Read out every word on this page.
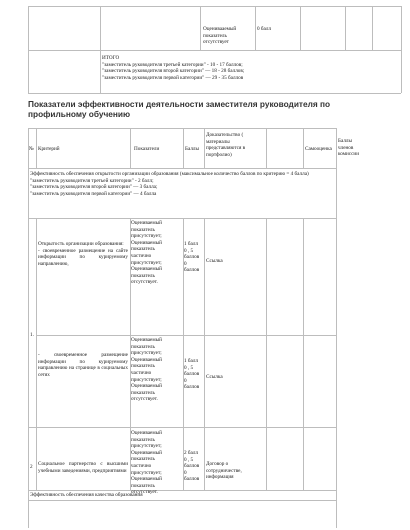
Оценивааемый
показатель
отсутствует
0 балл
ИТОГО
"заместитель руководителя третьей категории" - 10 - 17 баллов;
"заместитель руководителя второй категории" — 18 - 28 баллов;
"заместитель руководителя первой категории" — 29 - 35 баллов
Показатели эффективности деятельности заместителя руководителя по профильному обучению
№ Критерий	Показатели	Баллы
Доказательство (
материалы
представляются в
портфолио)
Самооценка
Баллы
членов
комиссии
Эффективность обеспечения открытости организации образования (максимальное количество баллов по критерию = 4 балла)
"заместитель руководителя третьей категории" - 2 балл;
"заместитель руководителя второй категории" — 3 балла;
"заместитель руководителя первой категории" — 4 балла
1.
Открытость организации образования:
- своевременное размещение на сайте информации по курируемому направлению,
Оцениваемый
показатель
присутствует;
Оцениваемый
показатель
частично
присутствует;
Оцениваемый
показатель
отсутствует.
1 балл
0 , 5
баллов
0
баллов
Ссылка
- своевременное размещение информации по курируемому направлению на странице в социальных сетях
Оцениваемый
показатель
присутствует;
Оцениваемый
показатель
частично
присутствует;
Оцениваемый
показатель
отсутствует.
1 балл
0 , 5
баллов
0
баллов
Ссылка
2 Социальное партнерство с высшими учебными заведениями, предприятиями
Оцениваемый
показатель
присутствует;
Оцениваемый
показатель
частично
присутствует;
Оцениваемый
показатель
отсутствует.
2 балл
0 , 5
баллов
0
баллов
Договор о
сотрудничестве,
информация
Эффективность обеспечения качества образования
